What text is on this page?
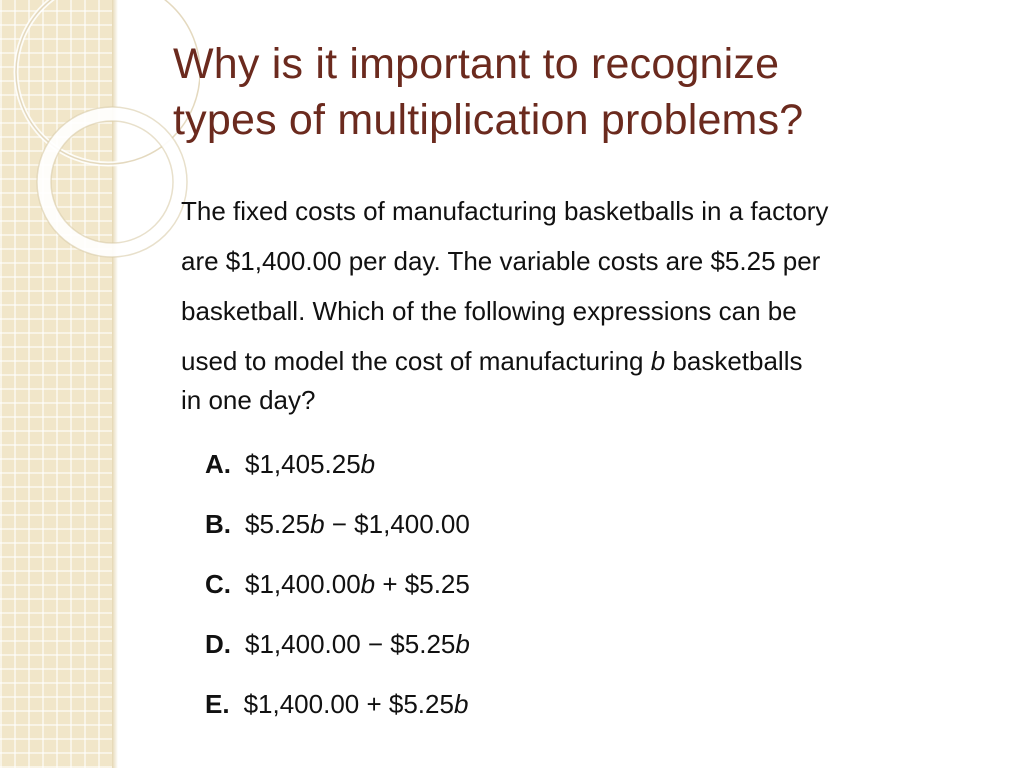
Why is it important to recognize
types of multiplication problems?
The fixed costs of manufacturing basketballs in a factory
are $1,400.00 per day. The variable costs are $5.25 per
basketball. Which of the following expressions can be
used to model the cost of manufacturing b basketballs
in one day?
A. $1,405.25b
B. $5.25b − $1,400.00
C. $1,400.00b + $5.25
D. $1,400.00 − $5.25b
E. $1,400.00 + $5.25b
